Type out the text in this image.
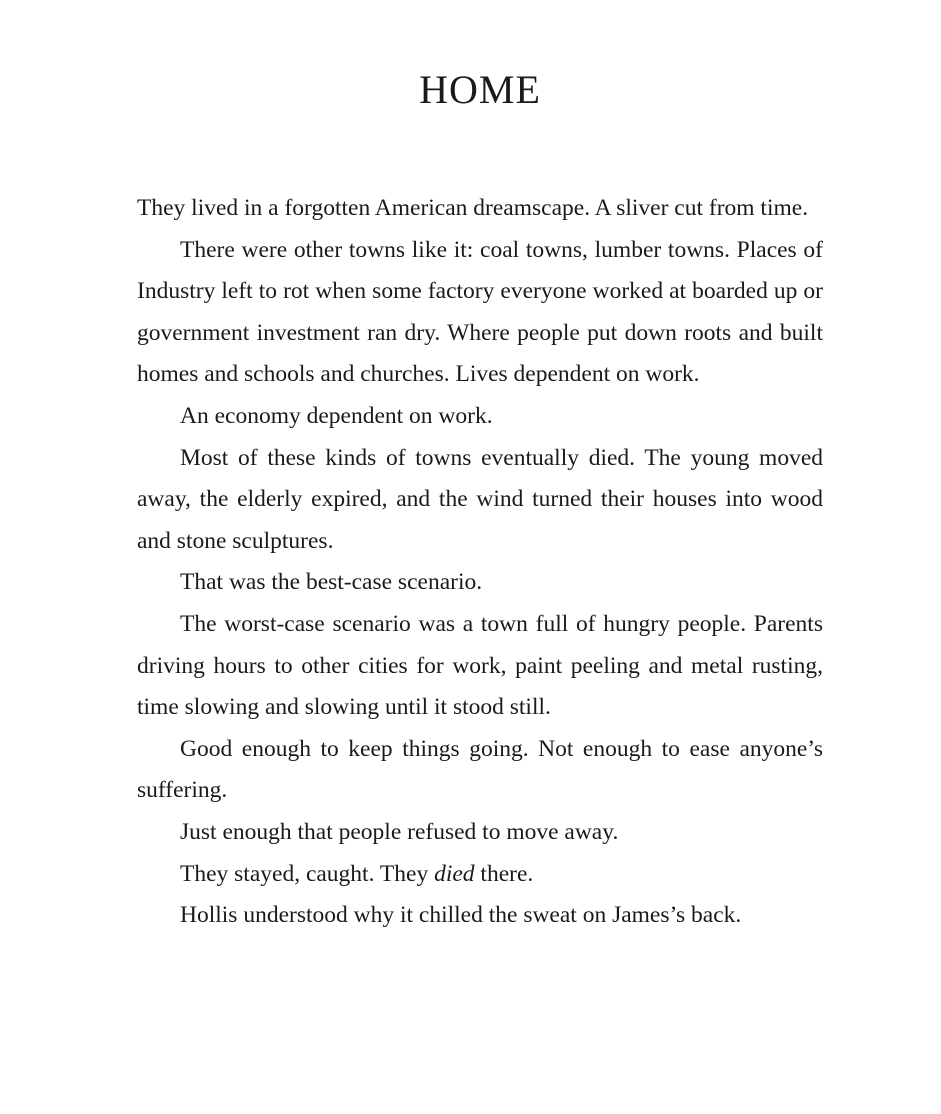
HOME

They lived in a forgotten American dreamscape. A sliver cut from time.

There were other towns like it: coal towns, lumber towns. Places of Industry left to rot when some factory everyone worked at boarded up or government investment ran dry. Where people put down roots and built homes and schools and churches. Lives dependent on work.

An economy dependent on work.

Most of these kinds of towns eventually died. The young moved away, the elderly expired, and the wind turned their houses into wood and stone sculptures.

That was the best-case scenario.

The worst-case scenario was a town full of hungry people. Parents driving hours to other cities for work, paint peeling and metal rusting, time slowing and slowing until it stood still.

Good enough to keep things going. Not enough to ease anyone’s suffering.

Just enough that people refused to move away.

They stayed, caught. They died there.

Hollis understood why it chilled the sweat on James’s back.
